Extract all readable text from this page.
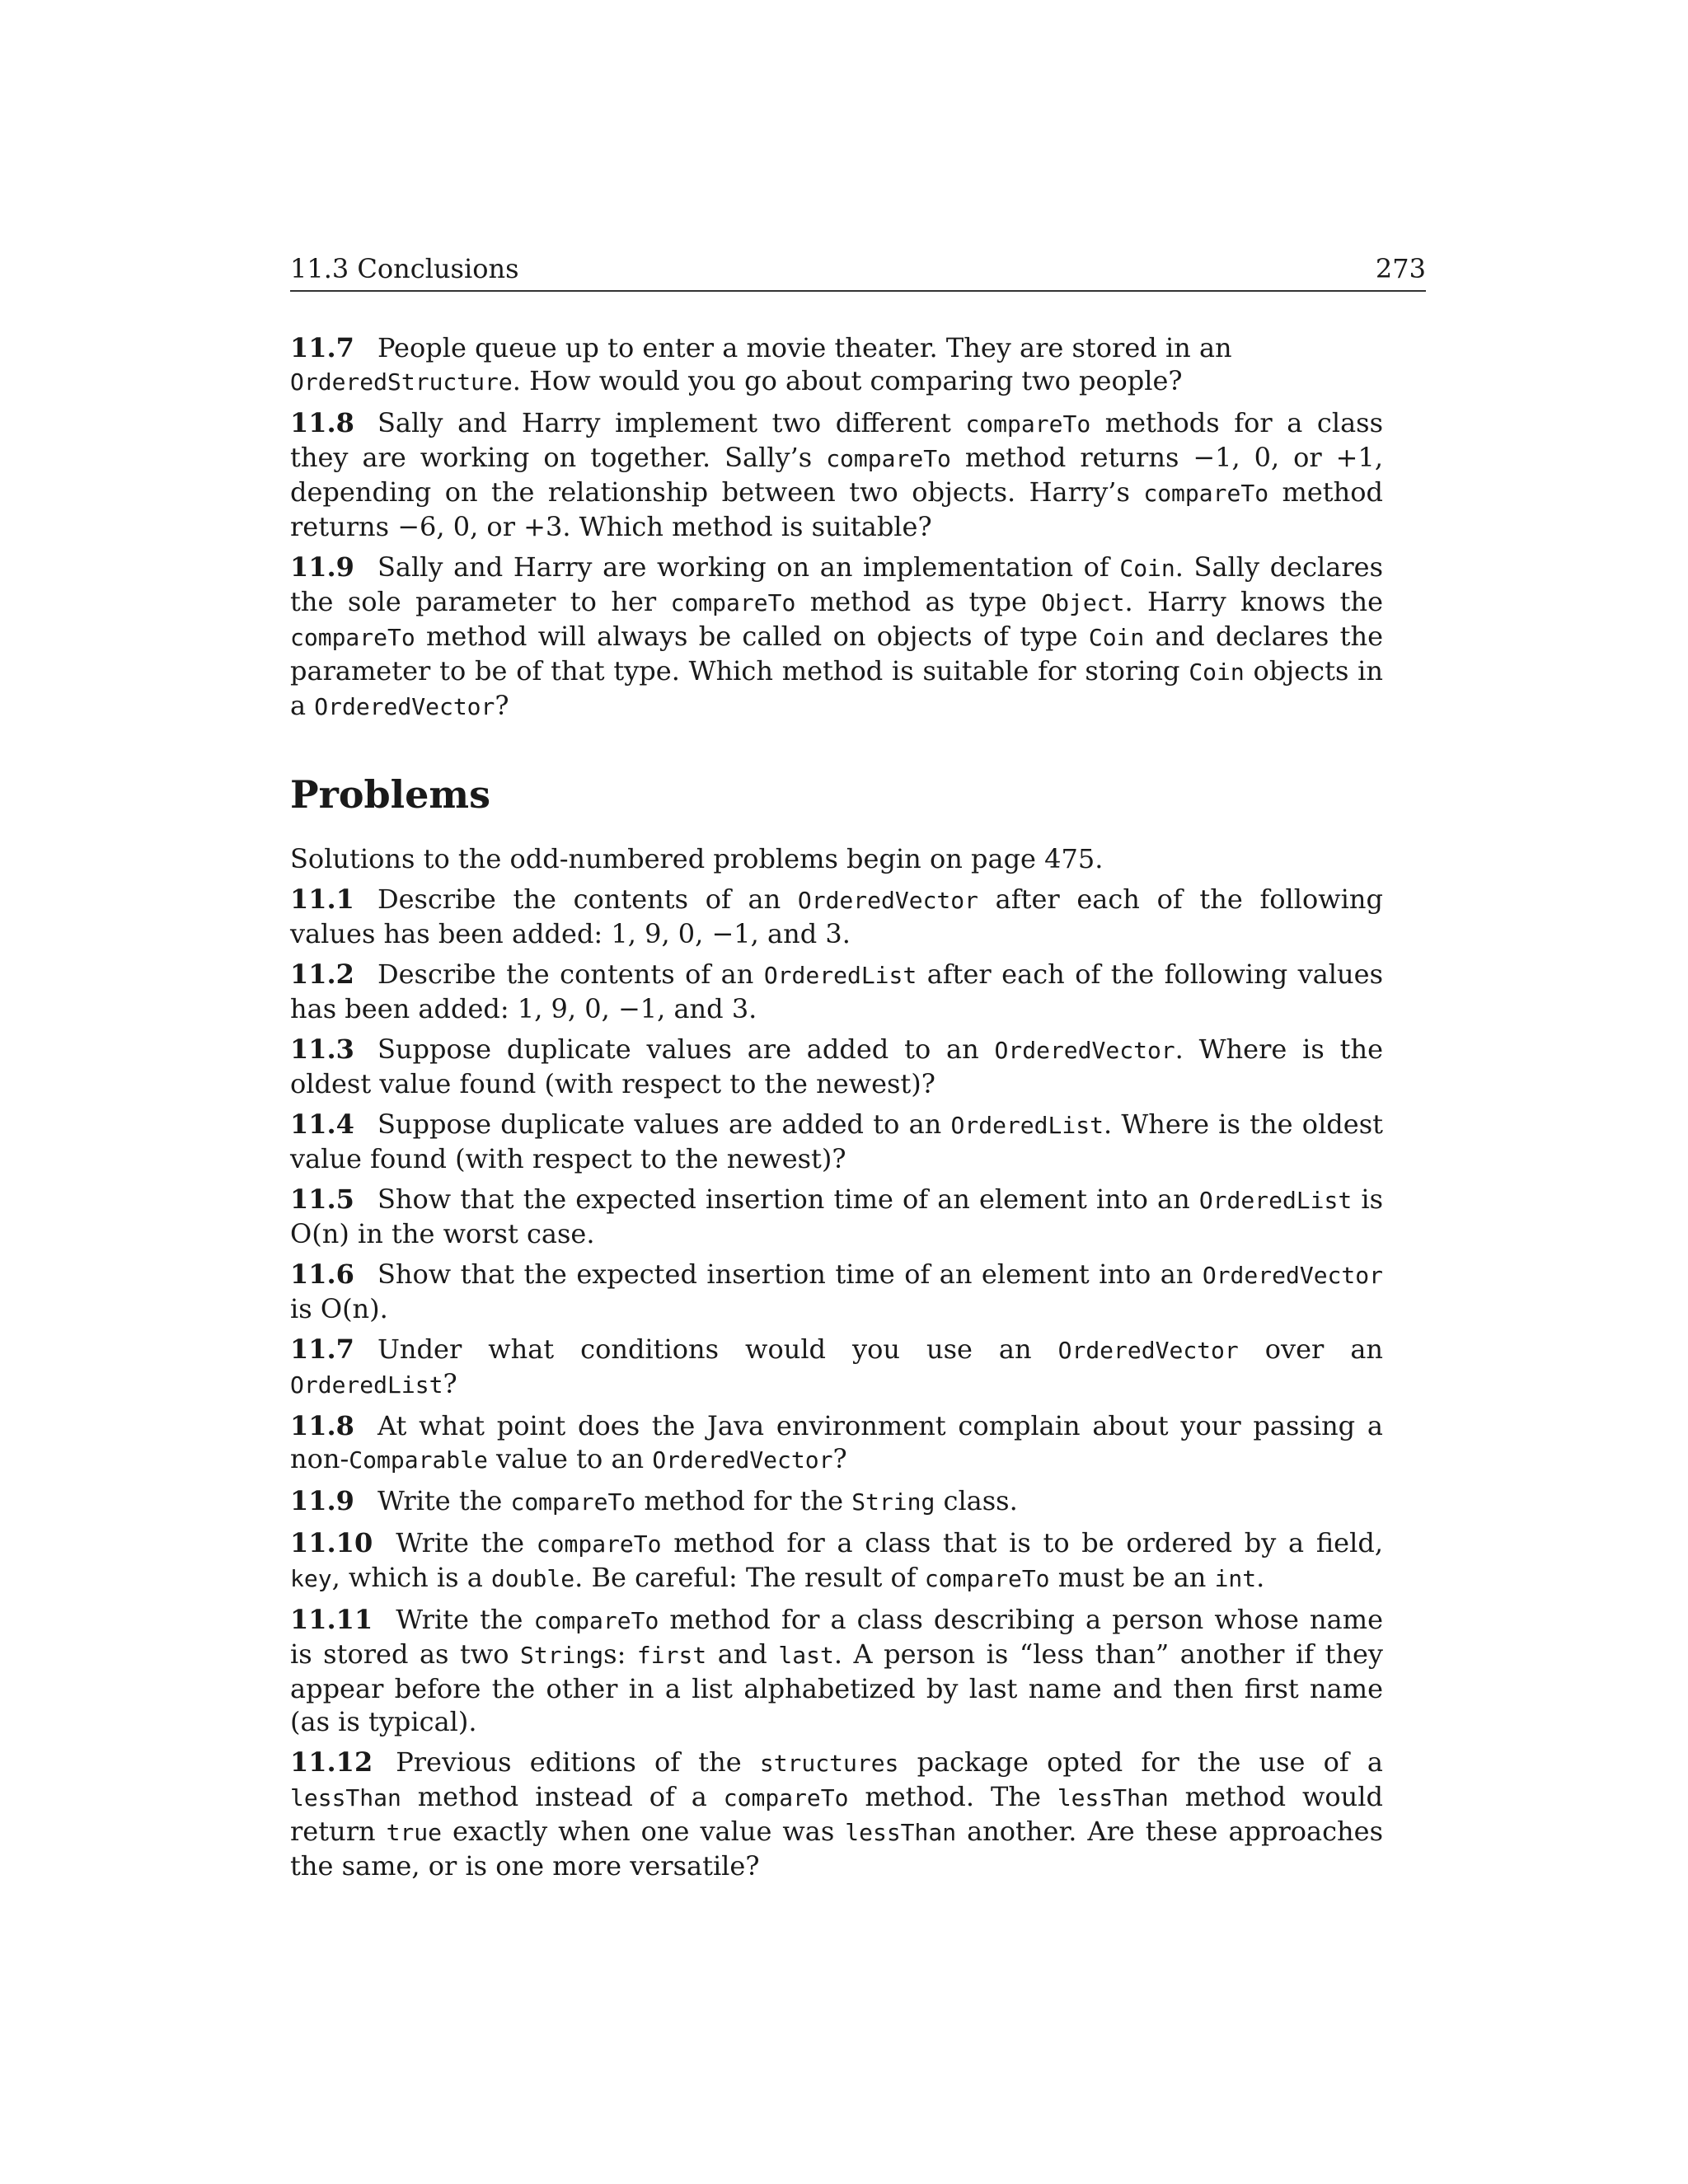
11.3 Conclusions	273

11.7 People queue up to enter a movie theater. They are stored in an OrderedStructure. How would you go about comparing two people?

11.8 Sally and Harry implement two different compareTo methods for a class they are working on together. Sally’s compareTo method returns −1, 0, or +1, depending on the relationship between two objects. Harry’s compareTo method returns −6, 0, or +3. Which method is suitable?

11.9 Sally and Harry are working on an implementation of Coin. Sally declares the sole parameter to her compareTo method as type Object. Harry knows the compareTo method will always be called on objects of type Coin and declares the parameter to be of that type. Which method is suitable for storing Coin objects in a OrderedVector?

Problems
Solutions to the odd-numbered problems begin on page 475.

11.1 Describe the contents of an OrderedVector after each of the following values has been added: 1, 9, 0, −1, and 3.

11.2 Describe the contents of an OrderedList after each of the following values has been added: 1, 9, 0, −1, and 3.

11.3 Suppose duplicate values are added to an OrderedVector. Where is the oldest value found (with respect to the newest)?

11.4 Suppose duplicate values are added to an OrderedList. Where is the oldest value found (with respect to the newest)?

11.5 Show that the expected insertion time of an element into an OrderedList is O(n) in the worst case.

11.6 Show that the expected insertion time of an element into an OrderedVector is O(n).

11.7 Under what conditions would you use an OrderedVector over an OrderedList?

11.8 At what point does the Java environment complain about your passing a non-Comparable value to an OrderedVector?

11.9 Write the compareTo method for the String class.

11.10 Write the compareTo method for a class that is to be ordered by a field, key, which is a double. Be careful: The result of compareTo must be an int.

11.11 Write the compareTo method for a class describing a person whose name is stored as two Strings: first and last. A person is “less than” another if they appear before the other in a list alphabetized by last name and then first name (as is typical).

11.12 Previous editions of the structures package opted for the use of a lessThan method instead of a compareTo method. The lessThan method would return true exactly when one value was lessThan another. Are these approaches the same, or is one more versatile?
